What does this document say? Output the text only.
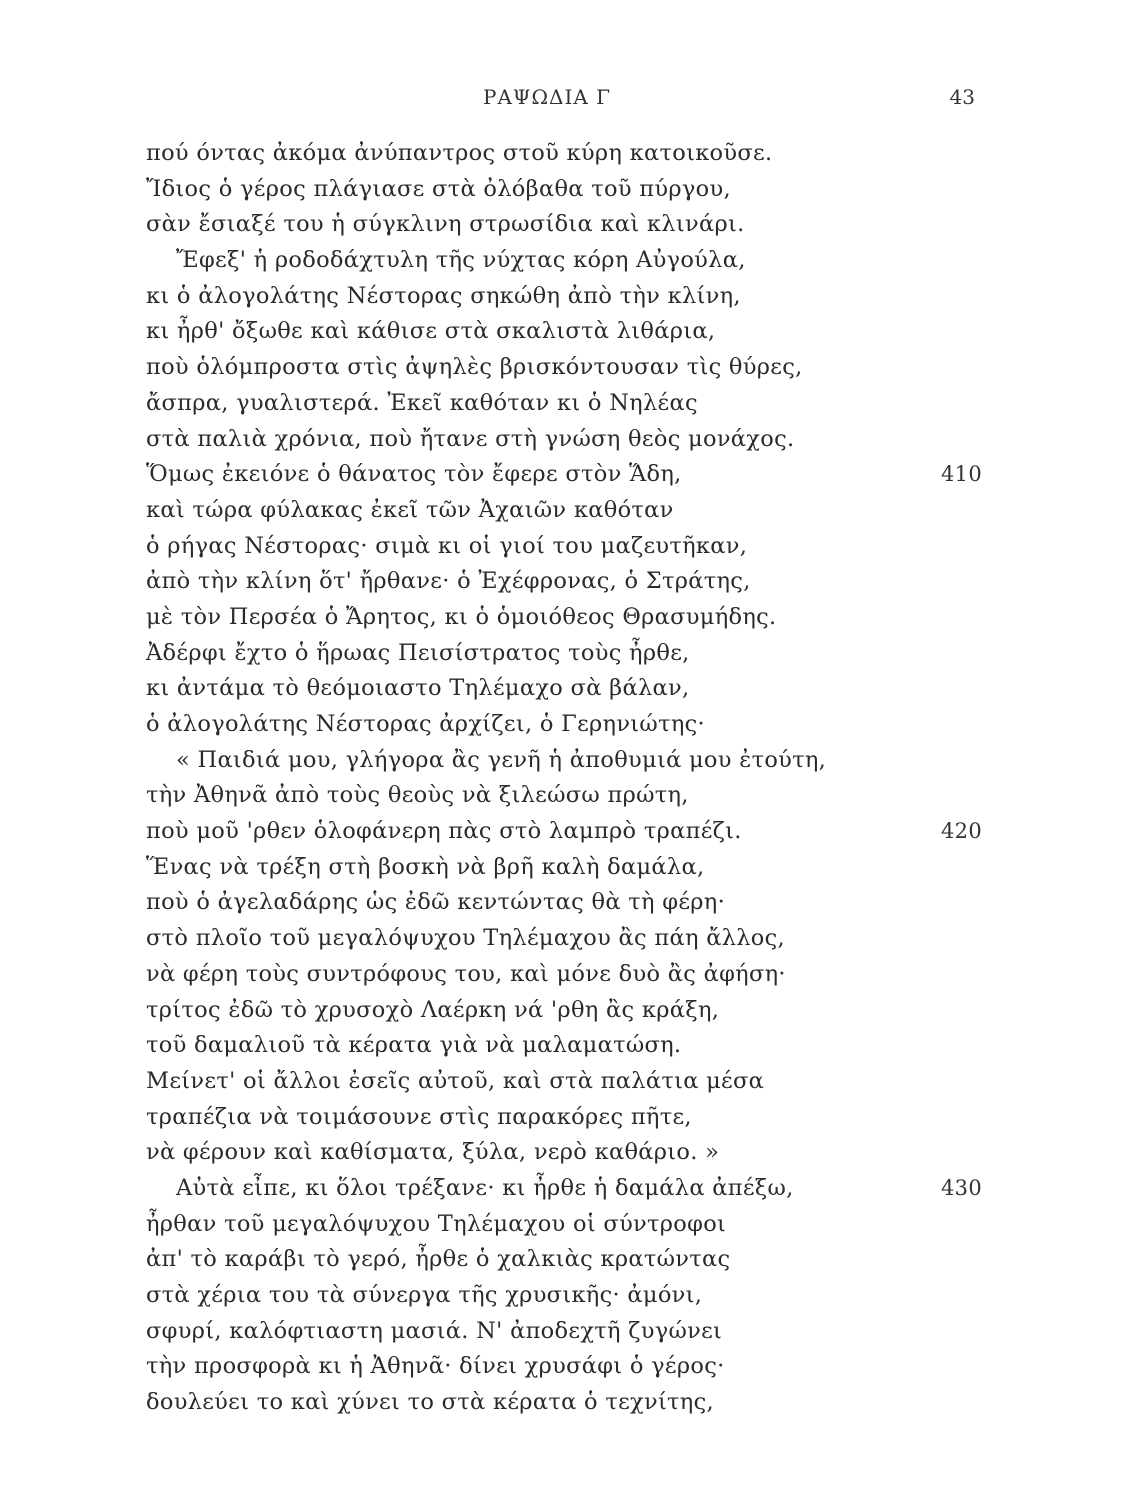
ΡΑΨΩΔΙΑ Γ	43
πού όντας ἀκόμα ἀνύπαντρος στοῦ κύρη κατοικοῦσε.
Ἴδιος ὁ γέρος πλάγιασε στὰ ὀλόβαθα τοῦ πύργου,
σὰν ἔσιαξέ του ἡ σύγκλινη στρωσίδια καὶ κλινάρι.
Ἔφεξ' ἡ ροδοδάχτυλη τῆς νύχτας κόρη Αὐγούλα,
κι ὁ ἀλογολάτης Νέστορας σηκώθη ἀπὸ τὴν κλίνη,
κι ἦρθ' ὄξωθε καὶ κάθισε στὰ σκαλιστὰ λιθάρια,
ποὺ ὁλόμπροστα στὶς ἀψηλὲς βρισκόντουσαν τὶς θύρες,
ἄσπρα, γυαλιστερά. Ἐκεῖ καθόταν κι ὁ Νηλέας
στὰ παλιὰ χρόνια, ποὺ ἤτανε στὴ γνώση θεὸς μονάχος.
Ὅμως ἐκειόνε ὁ θάνατος τὸν ἔφερε στὸν Ἅδη,	410
καὶ τώρα φύλακας ἐκεῖ τῶν Ἀχαιῶν καθόταν
ὁ ρήγας Νέστορας· σιμὰ κι οἱ γιοί του μαζευτῆκαν,
ἀπὸ τὴν κλίνη ὅτ' ἤρθανε· ὁ Ἐχέφρονας, ὁ Στράτης,
μὲ τὸν Περσέα ὁ Ἄρητος, κι ὁ ὁμοιόθεος Θρασυμήδης.
Ἀδέρφι ἔχτο ὁ ἥρωας Πεισίστρατος τοὺς ἦρθε,
κι ἀντάμα τὸ θεόμοιαστο Τηλέμαχο σὰ βάλαν,
ὁ ἀλογολάτης Νέστορας ἀρχίζει, ὁ Γερηνιώτης·
« Παιδιά μου, γλήγορα ἂς γενῆ ἡ ἀποθυμιά μου ἐτούτη,
τὴν Ἀθηνᾶ ἀπὸ τοὺς θεοὺς νὰ ξιλεώσω πρώτη,
ποὺ μοῦ 'ρθεν ὁλοφάνερη πὰς στὸ λαμπρὸ τραπέζι.	420
Ἕνας νὰ τρέξη στὴ βοσκὴ νὰ βρῆ καλὴ δαμάλα,
ποὺ ὁ ἀγελαδάρης ὡς ἐδῶ κεντώντας θὰ τὴ φέρη·
στὸ πλοῖο τοῦ μεγαλόψυχου Τηλέμαχου ἂς πάη ἄλλος,
νὰ φέρη τοὺς συντρόφους του, καὶ μόνε δυὸ ἂς ἀφήση·
τρίτος ἐδῶ τὸ χρυσοχὸ Λαέρκη νά 'ρθη ἂς κράξη,
τοῦ δαμαλιοῦ τὰ κέρατα γιὰ νὰ μαλαματώση.
Μείνετ' οἱ ἄλλοι ἐσεῖς αὐτοῦ, καὶ στὰ παλάτια μέσα
τραπέζια νὰ τοιμάσουνε στὶς παρακόρες πῆτε,
νὰ φέρουν καὶ καθίσματα, ξύλα, νερὸ καθάριο. »
Αὐτὰ εἶπε, κι ὅλοι τρέξανε· κι ἦρθε ἡ δαμάλα ἀπέξω,	430
ἦρθαν τοῦ μεγαλόψυχου Τηλέμαχου οἱ σύντροφοι
ἀπ' τὸ καράβι τὸ γερό, ἦρθε ὁ χαλκιὰς κρατώντας
στὰ χέρια του τὰ σύνεργα τῆς χρυσικῆς· ἀμόνι,
σφυρί, καλόφτιαστη μασιά. Ν' ἀποδεχτῆ ζυγώνει
τὴν προσφορὰ κι ἡ Ἀθηνᾶ· δίνει χρυσάφι ὁ γέρος·
δουλεύει το καὶ χύνει το στὰ κέρατα ὁ τεχνίτης,
